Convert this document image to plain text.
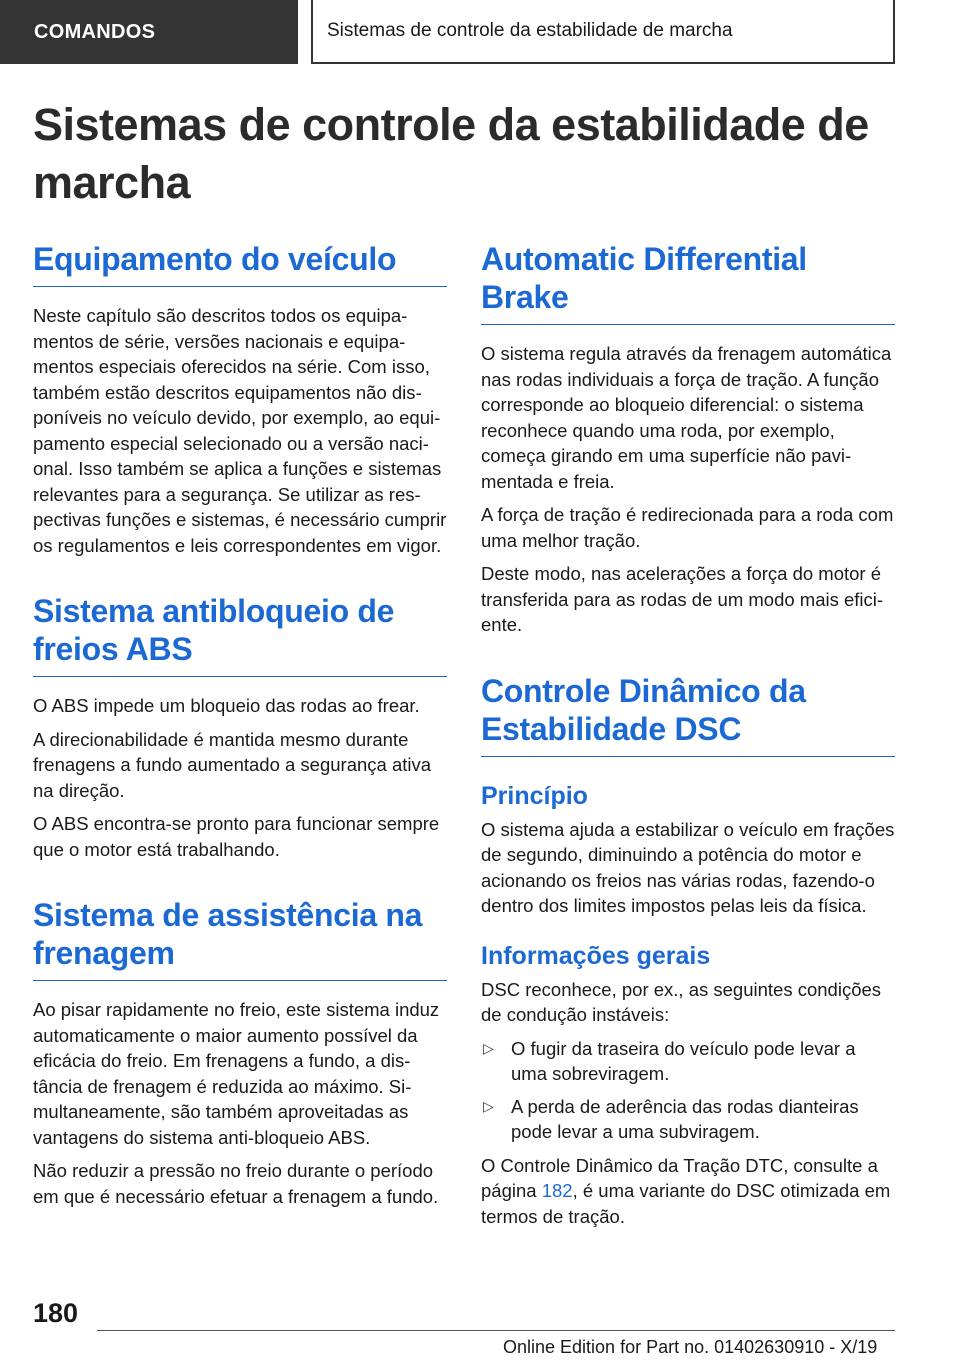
COMANDOS	Sistemas de controle da estabilidade de marcha
Sistemas de controle da estabilidade de marcha
Equipamento do veículo

Neste capítulo são descritos todos os equipamentos de série, versões nacionais e equipamentos especiais oferecidos na série. Com isso, também estão descritos equipamentos não disponíveis no veículo devido, por exemplo, ao equipamento especial selecionado ou a versão nacional. Isso também se aplica a funções e sistemas relevantes para a segurança. Se utilizar as respectivas funções e sistemas, é necessário cumprir os regulamentos e leis correspondentes em vigor.

Sistema antibloqueio de freios ABS

O ABS impede um bloqueio das rodas ao frear.

A direcionabilidade é mantida mesmo durante frenagens a fundo aumentado a segurança ativa na direção.

O ABS encontra-se pronto para funcionar sempre que o motor está trabalhando.

Sistema de assistência na frenagem

Ao pisar rapidamente no freio, este sistema induz automaticamente o maior aumento possível da eficácia do freio. Em frenagens a fundo, a distância de frenagem é reduzida ao máximo. Simultaneamente, são também aproveitadas as vantagens do sistema anti-bloqueio ABS.

Não reduzir a pressão no freio durante o período em que é necessário efetuar a frenagem a fundo.

Automatic Differential Brake

O sistema regula através da frenagem automática nas rodas individuais a força de tração. A função corresponde ao bloqueio diferencial: o sistema reconhece quando uma roda, por exemplo, começa girando em uma superfície não pavimentada e freia.

A força de tração é redirecionada para a roda com uma melhor tração.

Deste modo, nas acelerações a força do motor é transferida para as rodas de um modo mais eficiente.

Controle Dinâmico da Estabilidade DSC
Princípio

O sistema ajuda a estabilizar o veículo em frações de segundo, diminuindo a potência do motor e acionando os freios nas várias rodas, fazendo-o dentro dos limites impostos pelas leis da física.

Informações gerais

DSC reconhece, por ex., as seguintes condições de condução instáveis:

▷ O fugir da traseira do veículo pode levar a uma sobreviragem.
▷ A perda de aderência das rodas dianteiras pode levar a uma subviragem.

O Controle Dinâmico da Tração DTC, consulte a página 182, é uma variante do DSC otimizada em termos de tração.

180
Online Edition for Part no. 01402630910 - X/19
